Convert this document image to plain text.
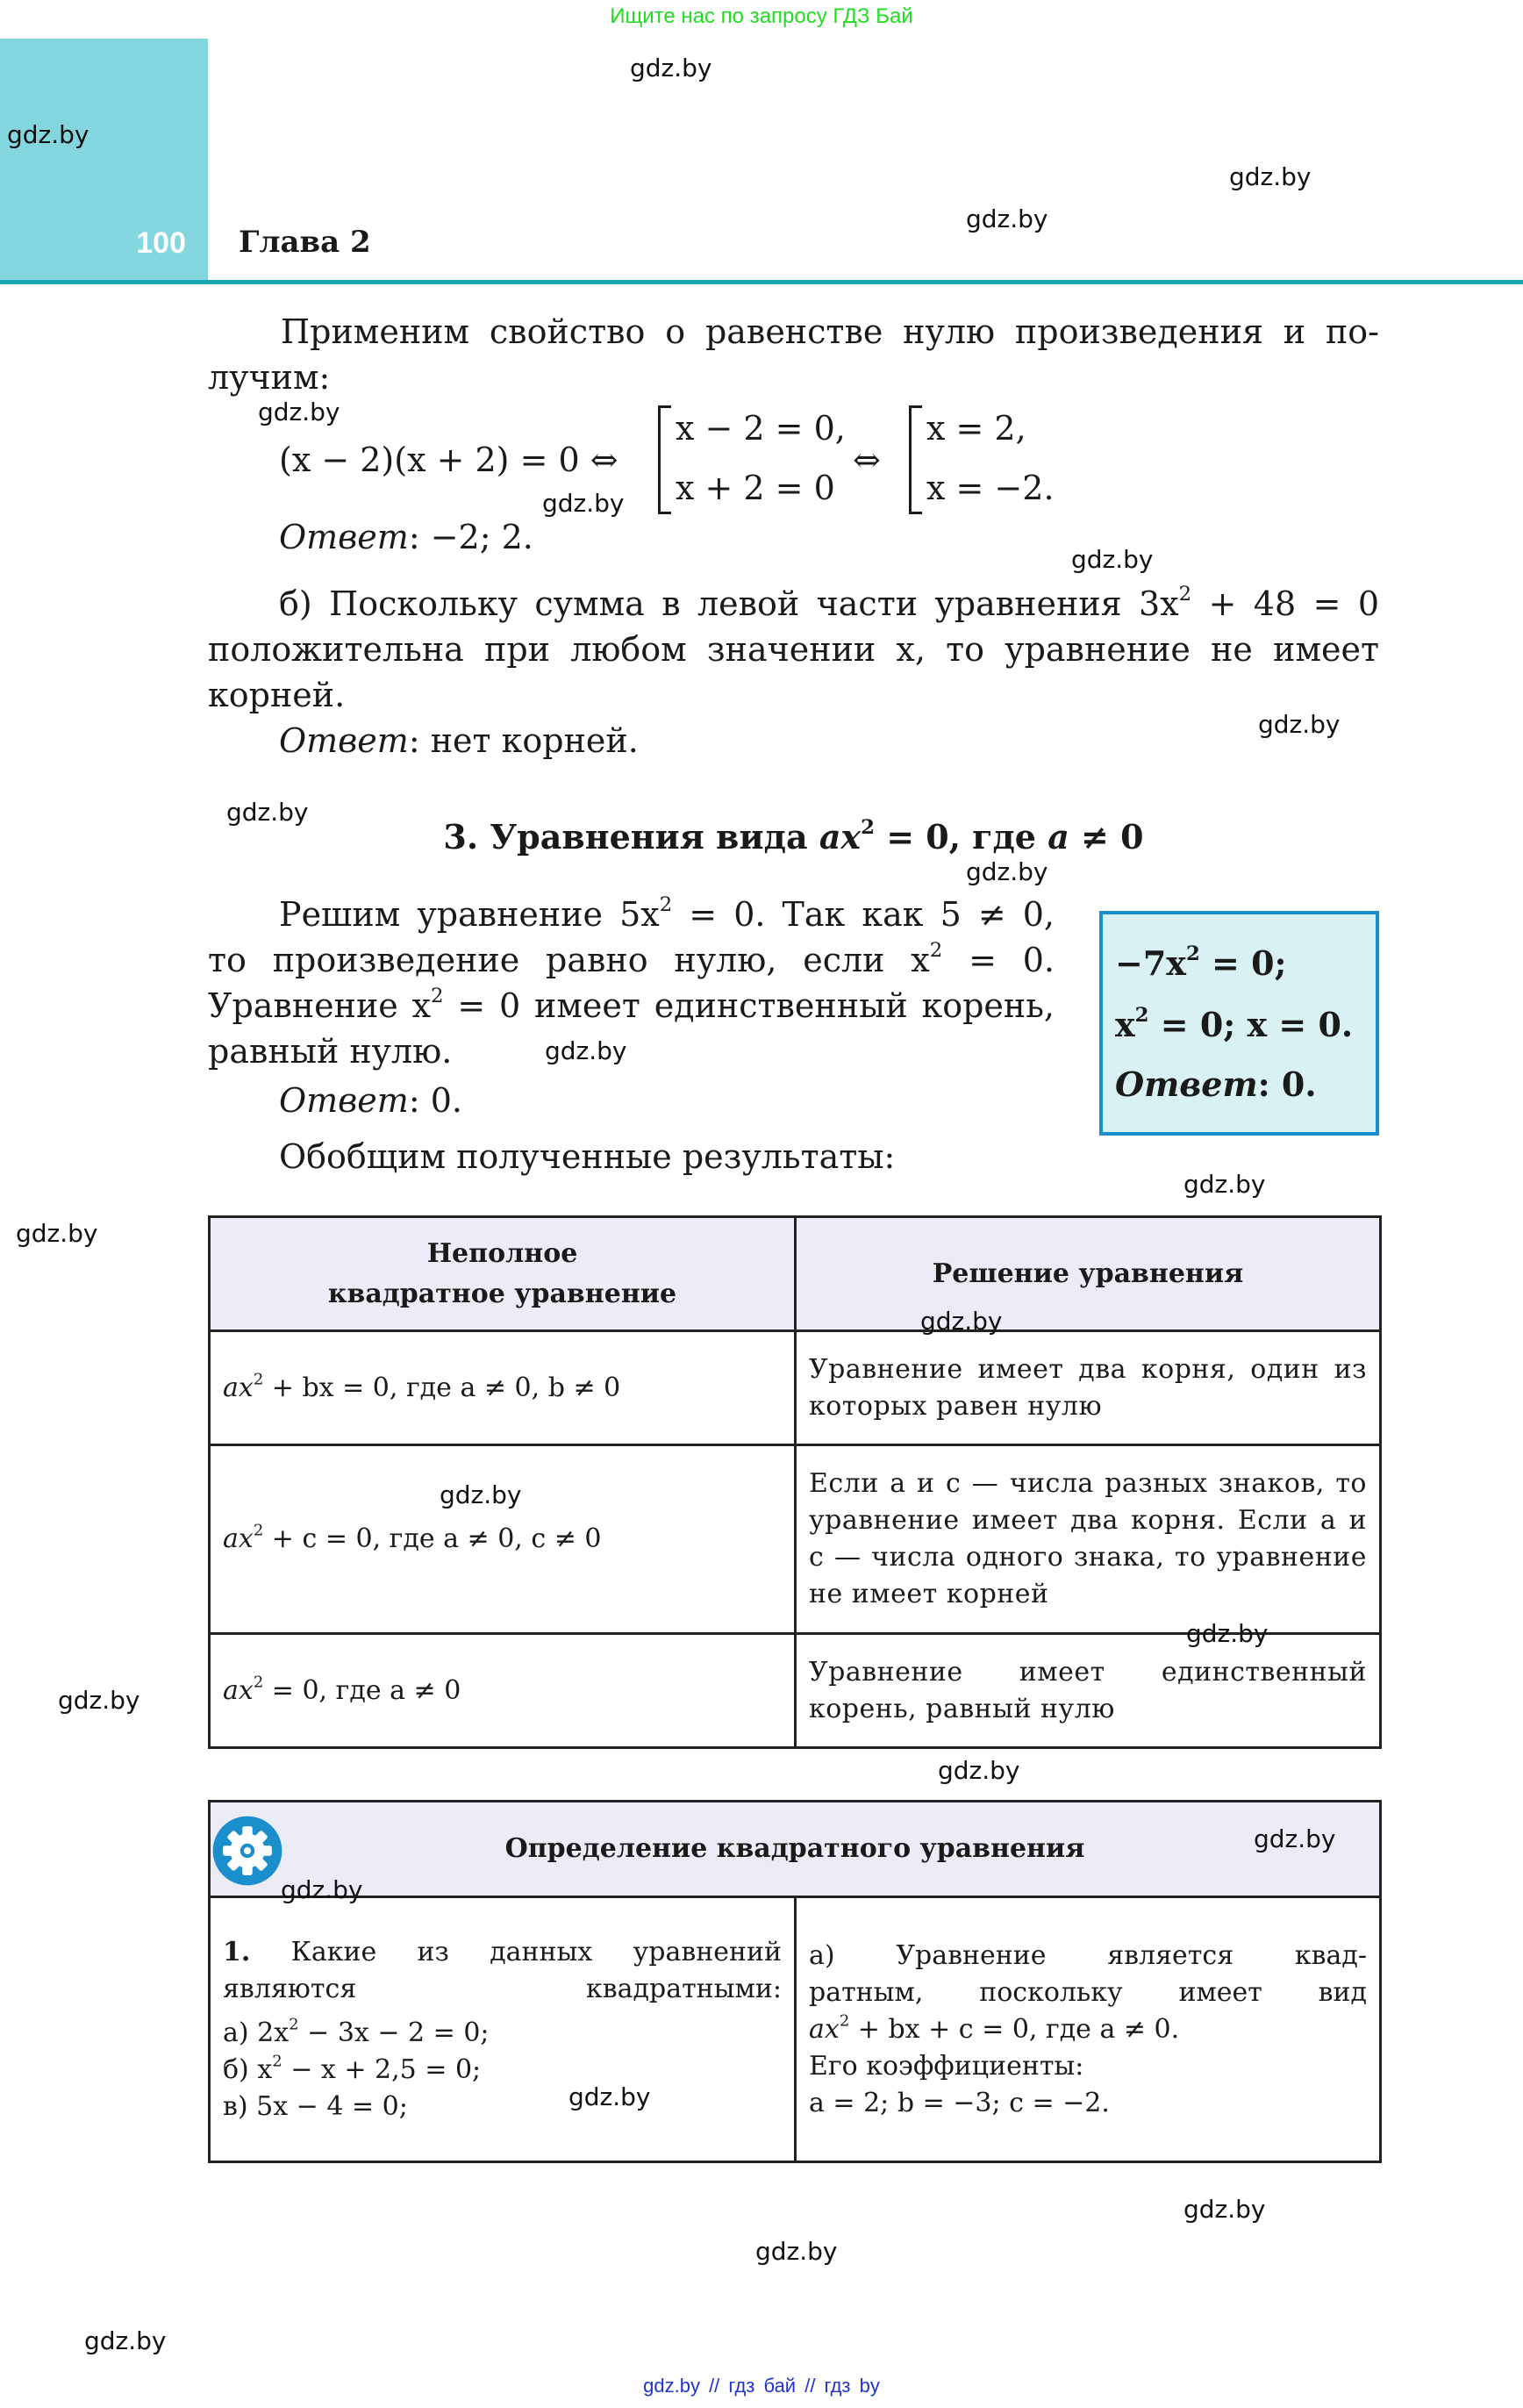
Ищите нас по запросу ГДЗ Бай
100 Глава 2
Применим свойство о равенстве нулю произведения и по-
лучим:
(x − 2)(x + 2) = 0 ⇔
x − 2 = 0,
x + 2 = 0
⇔
x = 2,
x = −2.
Ответ: −2; 2.
б) Поскольку сумма в левой части уравнения $3x^2 + 48 = 0$
положительна при любом значении x, то уравнение не имеет
корней.
Ответ: нет корней.
3. Уравнения вида $ax^2 = 0$, где a ≠ 0
Решим уравнение $5x^2 = 0$. Так как 5 ≠ 0,
то произведение равно нулю, если $x^2 = 0$.
Уравнение $x^2 = 0$ имеет единственный корень,
равный нулю.
Ответ: 0.
Обобщим полученные результаты:
$-7x^2 = 0$;
$x^2 = 0$; x = 0.
Ответ: 0.
Неполное
квадратное уравнение	Решение уравнения
$ax^2$ + bx = 0, где a ≠ 0, b ≠ 0	Уравнение имеет два корня, один из которых равен нулю
$ax^2 + c = 0$, где a ≠ 0, c ≠ 0	Если a и c — числа разных знаков, то уравнение имеет два корня. Если a и c — числа одного знака, то уравнение не имеет корней
$ax^2 = 0$, где a ≠ 0	Уравнение имеет единственный корень, равный нулю
Определение квадратного уравнения

1. Какие из данных уравнений являются квадратными:
а) $2x^2 - 3x - 2 = 0$;
б) $x^2 - x + 2,5 = 0$;
в) 5x − 4 = 0;

а) Уравнение является квад-
ратным, поскольку имеет вид
$ax^2$ + bx + c = 0, где a ≠ 0.
Его коэффициенты:
a = 2; b = −3; c = −2.
gdz.by
gdz.by
gdz.by
gdz.by
gdz.by
gdz.by
gdz.by
gdz.by
gdz.by
gdz.by
gdz.by
gdz.by
gdz.by
gdz.by
gdz.by
gdz.by
gdz.by
gdz.by
gdz.by
gdz.by
gdz.by
gdz.by
gdz.by
gdz.by
gdz.by // гдз бай // гдз by
